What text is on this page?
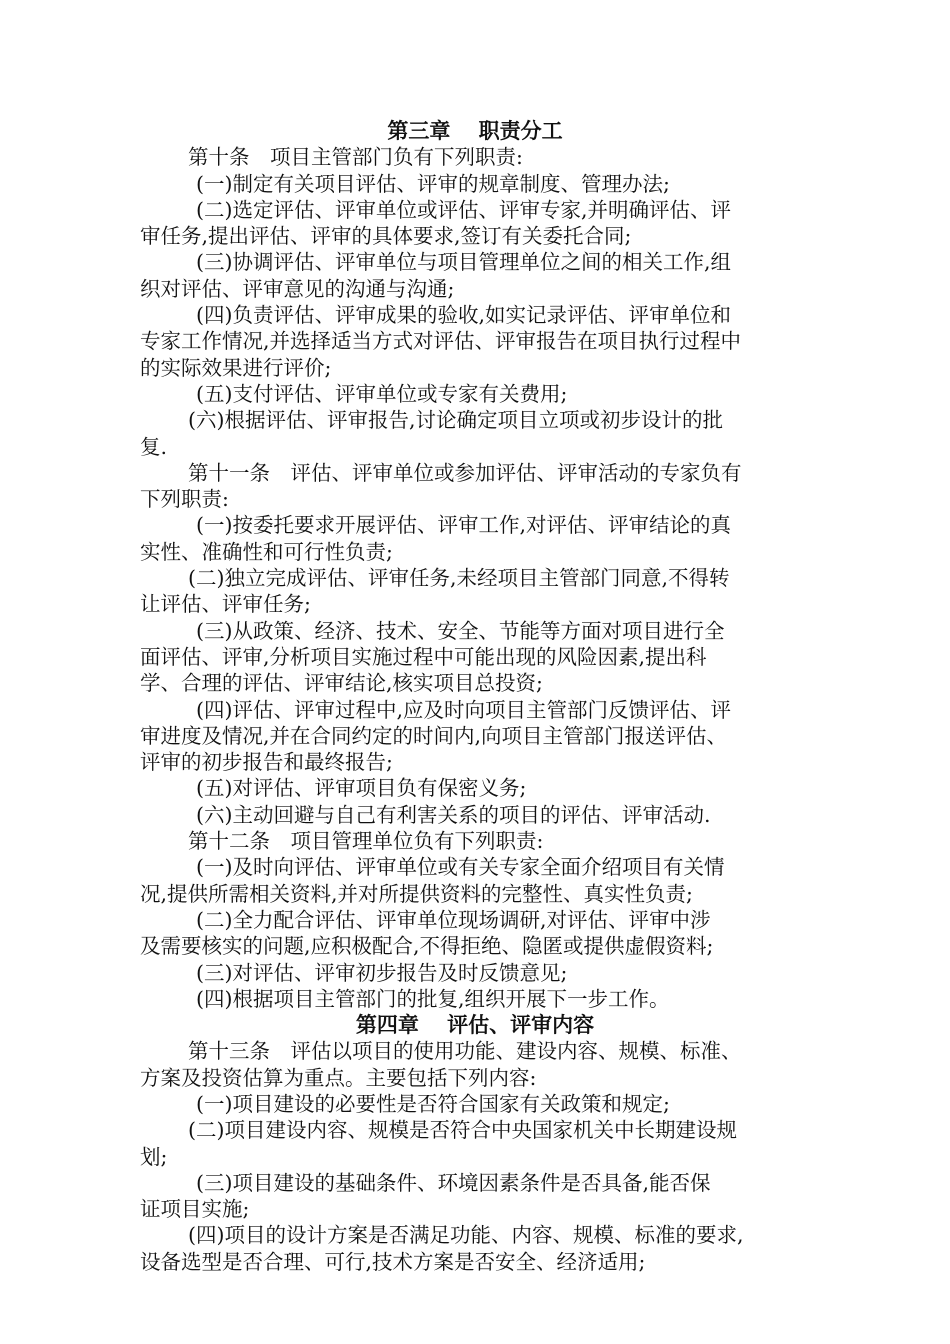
第三章　 职责分工
第十条　项目主管部门负有下列职责:
(一)制定有关项目评估、评审的规章制度、管理办法;
(二)选定评估、评审单位或评估、评审专家,并明确评估、评
审任务,提出评估、评审的具体要求,签订有关委托合同;
(三)协调评估、评审单位与项目管理单位之间的相关工作,组
织对评估、评审意见的沟通与沟通;
(四)负责评估、评审成果的验收,如实记录评估、评审单位和
专家工作情况,并选择适当方式对评估、评审报告在项目执行过程中
的实际效果进行评价;
(五)支付评估、评审单位或专家有关费用;
(六)根据评估、评审报告,讨论确定项目立项或初步设计的批
复.
第十一条　评估、评审单位或参加评估、评审活动的专家负有
下列职责:
(一)按委托要求开展评估、评审工作,对评估、评审结论的真
实性、准确性和可行性负责;
(二)独立完成评估、评审任务,未经项目主管部门同意,不得转
让评估、评审任务;
(三)从政策、经济、技术、安全、节能等方面对项目进行全
面评估、评审,分析项目实施过程中可能出现的风险因素,提出科
学、合理的评估、评审结论,核实项目总投资;
(四)评估、评审过程中,应及时向项目主管部门反馈评估、评
审进度及情况,并在合同约定的时间内,向项目主管部门报送评估、
评审的初步报告和最终报告;
(五)对评估、评审项目负有保密义务;
(六)主动回避与自己有利害关系的项目的评估、评审活动.
第十二条　项目管理单位负有下列职责:
(一)及时向评估、评审单位或有关专家全面介绍项目有关情
况,提供所需相关资料,并对所提供资料的完整性、真实性负责;
(二)全力配合评估、评审单位现场调研,对评估、评审中涉
及需要核实的问题,应积极配合,不得拒绝、隐匿或提供虚假资料;
(三)对评估、评审初步报告及时反馈意见;
(四)根据项目主管部门的批复,组织开展下一步工作。
第四章　 评估、评审内容
第十三条　评估以项目的使用功能、建设内容、规模、标准、
方案及投资估算为重点。主要包括下列内容:
(一)项目建设的必要性是否符合国家有关政策和规定;
(二)项目建设内容、规模是否符合中央国家机关中长期建设规
划;
(三)项目建设的基础条件、环境因素条件是否具备,能否保
证项目实施;
(四)项目的设计方案是否满足功能、内容、规模、标准的要求,
设备选型是否合理、可行,技术方案是否安全、经济适用;
